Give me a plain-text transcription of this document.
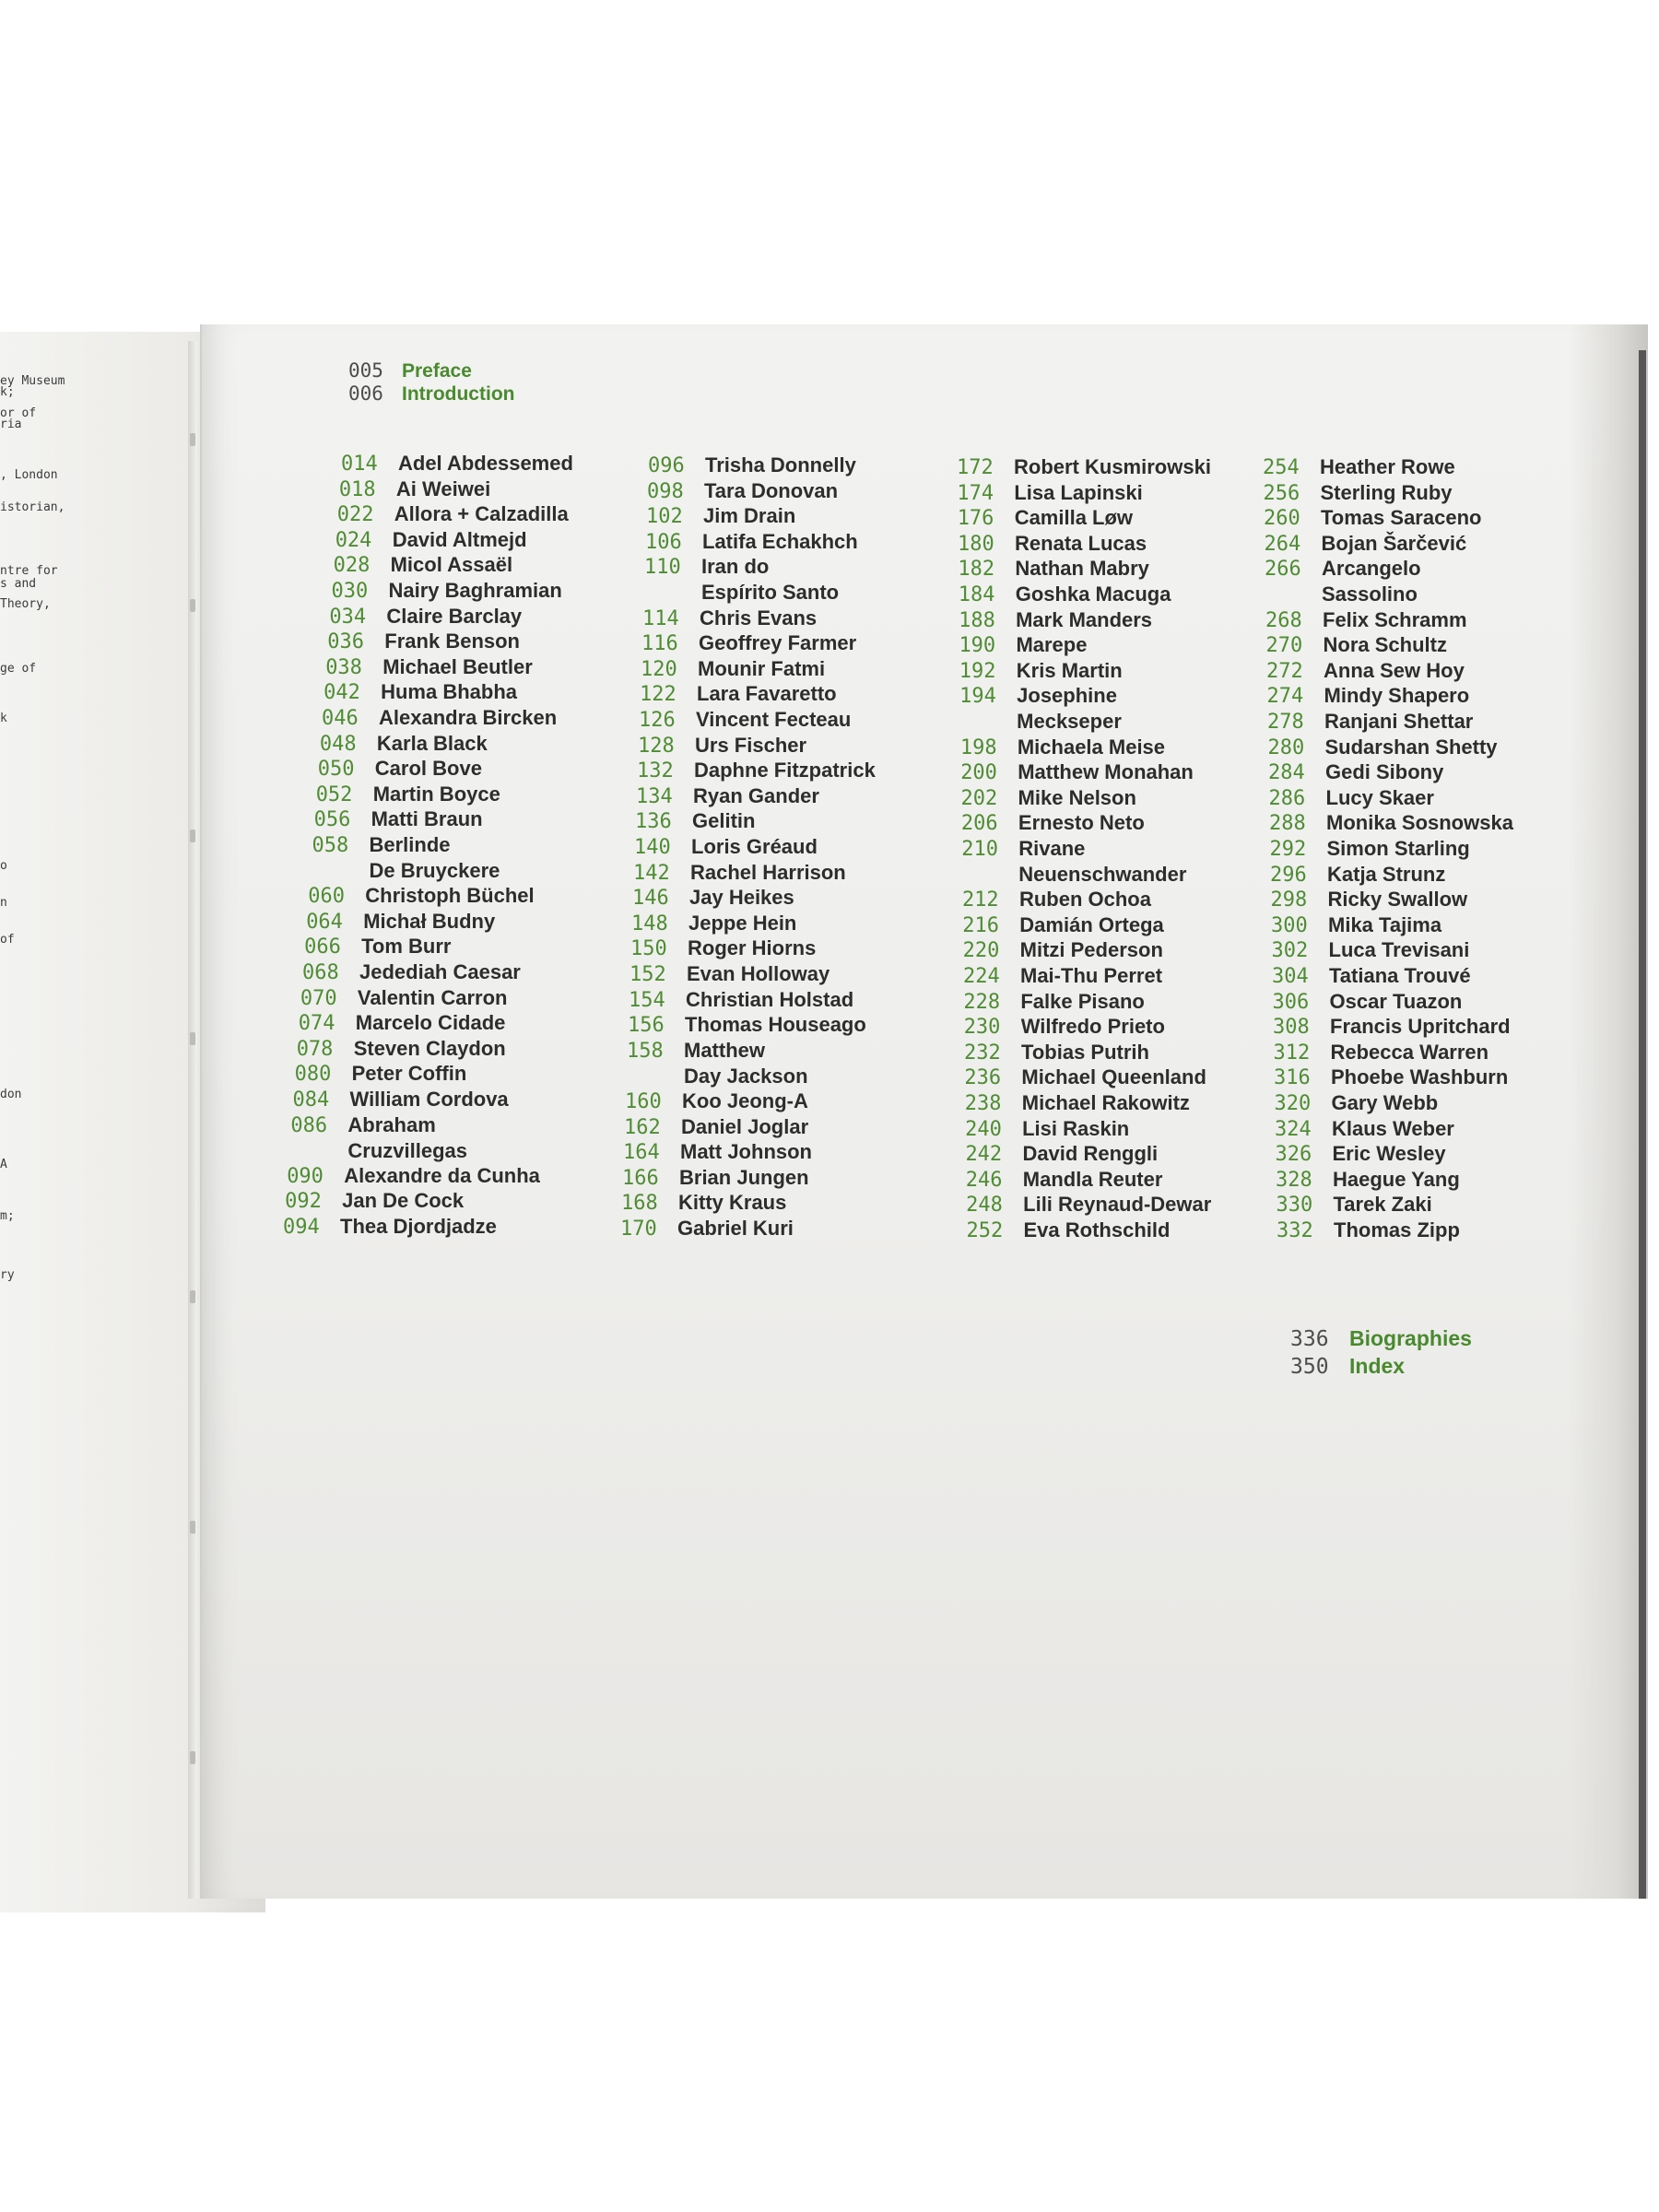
ey Museum
k;
or of
ria
, London
istorian,
ntre for
s and
Theory,
ge of
k
o
n
of
don
A
m;
ry
005 Preface
006 Introduction
014 Adel Abdessemed
018 Ai Weiwei
022 Allora + Calzadilla
024 David Altmejd
028 Micol Assaël
030 Nairy Baghramian
034 Claire Barclay
036 Frank Benson
038 Michael Beutler
042 Huma Bhabha
046 Alexandra Bircken
048 Karla Black
050 Carol Bove
052 Martin Boyce
056 Matti Braun
058 Berlinde
De Bruyckere
060 Christoph Büchel
064 Michał Budny
066 Tom Burr
068 Jedediah Caesar
070 Valentin Carron
074 Marcelo Cidade
078 Steven Claydon
080 Peter Coffin
084 William Cordova
086 Abraham
Cruzvillegas
090 Alexandre da Cunha
092 Jan De Cock
094 Thea Djordjadze
096 Trisha Donnelly
098 Tara Donovan
102 Jim Drain
106 Latifa Echakhch
110 Iran do
Espírito Santo
114 Chris Evans
116 Geoffrey Farmer
120 Mounir Fatmi
122 Lara Favaretto
126 Vincent Fecteau
128 Urs Fischer
132 Daphne Fitzpatrick
134 Ryan Gander
136 Gelitin
140 Loris Gréaud
142 Rachel Harrison
146 Jay Heikes
148 Jeppe Hein
150 Roger Hiorns
152 Evan Holloway
154 Christian Holstad
156 Thomas Houseago
158 Matthew
Day Jackson
160 Koo Jeong-A
162 Daniel Joglar
164 Matt Johnson
166 Brian Jungen
168 Kitty Kraus
170 Gabriel Kuri
172 Robert Kusmirowski
174 Lisa Lapinski
176 Camilla Løw
180 Renata Lucas
182 Nathan Mabry
184 Goshka Macuga
188 Mark Manders
190 Marepe
192 Kris Martin
194 Josephine
Meckseper
198 Michaela Meise
200 Matthew Monahan
202 Mike Nelson
206 Ernesto Neto
210 Rivane
Neuenschwander
212 Ruben Ochoa
216 Damián Ortega
220 Mitzi Pederson
224 Mai-Thu Perret
228 Falke Pisano
230 Wilfredo Prieto
232 Tobias Putrih
236 Michael Queenland
238 Michael Rakowitz
240 Lisi Raskin
242 David Renggli
246 Mandla Reuter
248 Lili Reynaud-Dewar
252 Eva Rothschild
254 Heather Rowe
256 Sterling Ruby
260 Tomas Saraceno
264 Bojan Šarčević
266 Arcangelo
Sassolino
268 Felix Schramm
270 Nora Schultz
272 Anna Sew Hoy
274 Mindy Shapero
278 Ranjani Shettar
280 Sudarshan Shetty
284 Gedi Sibony
286 Lucy Skaer
288 Monika Sosnowska
292 Simon Starling
296 Katja Strunz
298 Ricky Swallow
300 Mika Tajima
302 Luca Trevisani
304 Tatiana Trouvé
306 Oscar Tuazon
308 Francis Upritchard
312 Rebecca Warren
316 Phoebe Washburn
320 Gary Webb
324 Klaus Weber
326 Eric Wesley
328 Haegue Yang
330 Tarek Zaki
332 Thomas Zipp
336 Biographies
350 Index
